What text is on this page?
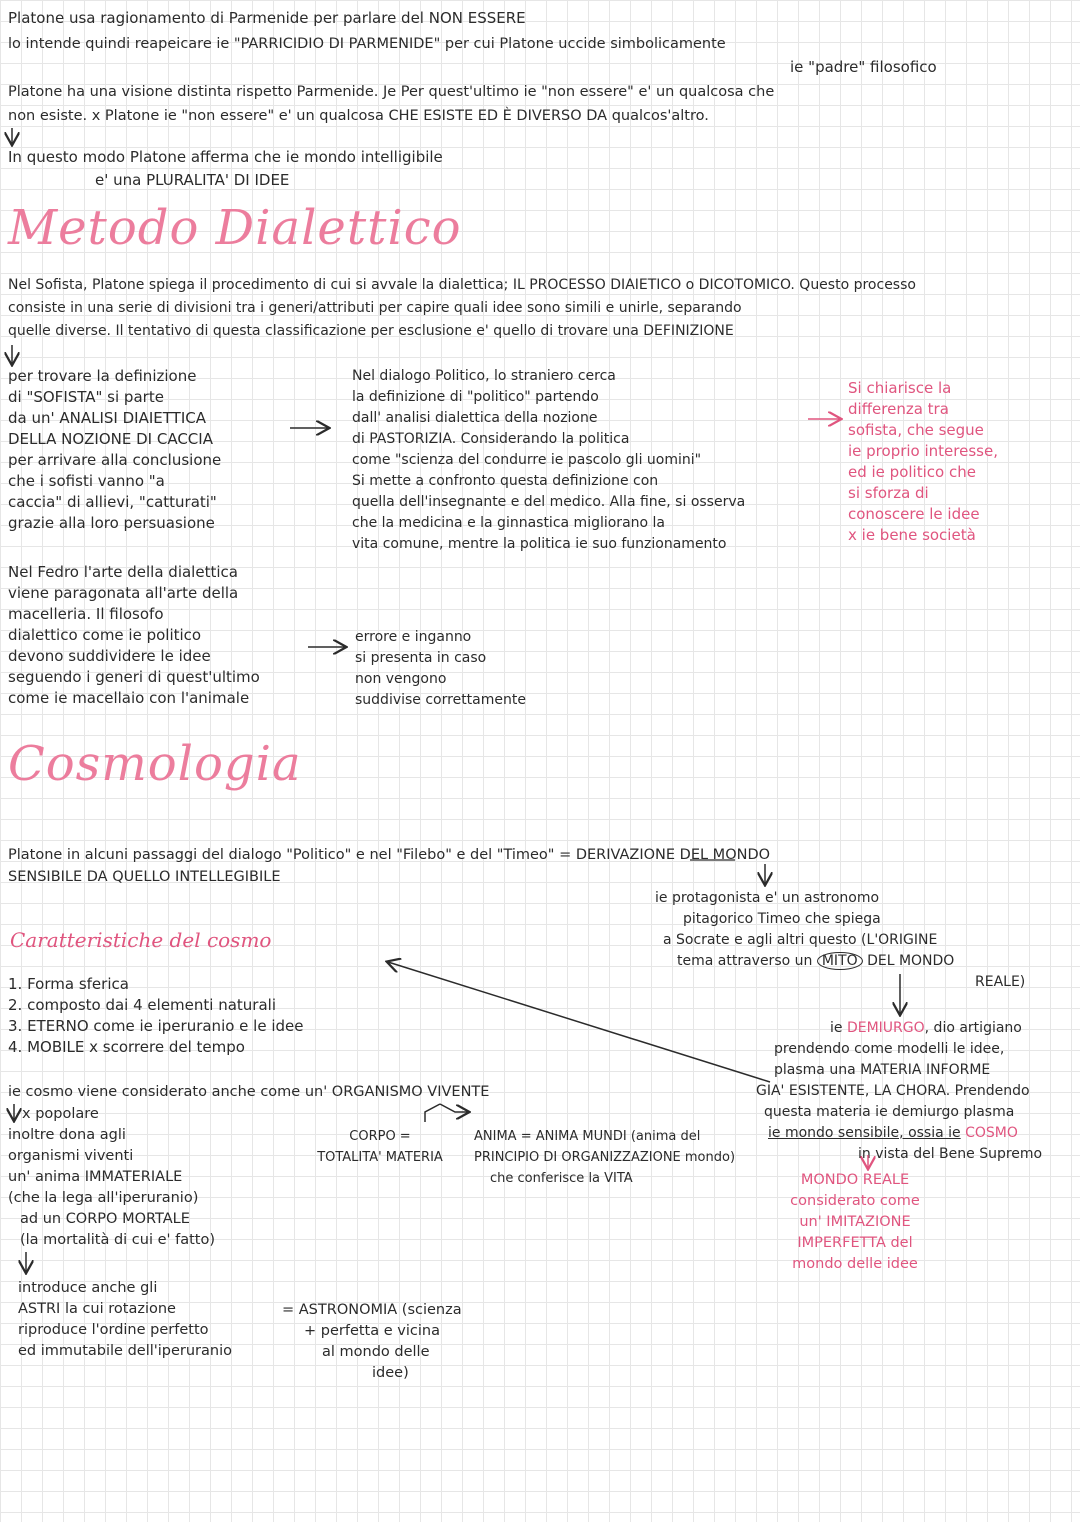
Platone usa ragionamento di Parmenide per parlare del NON ESSERE
lo intende quindi reapeicare ie "PARRICIDIO DI PARMENIDE" per cui Platone uccide simbolicamente
ie "padre" filosofico
Platone ha una visione distinta rispetto Parmenide. Je Per quest'ultimo ie "non essere" e' un qualcosa che
non esiste. x Platone ie "non essere" e' un qualcosa CHE ESISTE ED È DIVERSO DA qualcos'altro.
In questo modo Platone afferma che ie mondo intelligibile
e' una PLURALITA' DI IDEE
Metodo Dialettico
Nel Sofista, Platone spiega il procedimento di cui si avvale la dialettica; IL PROCESSO DIAIETICO o DICOTOMICO. Questo processo
consiste in una serie di divisioni tra i generi/attributi per capire quali idee sono simili e unirle, separando
quelle diverse. Il tentativo di questa classificazione per esclusione e' quello di trovare una DEFINIZIONE
per trovare la definizione
di "SOFISTA" si parte
da un' ANALISI DIAIETTICA
DELLA NOZIONE DI CACCIA
per arrivare alla conclusione
che i sofisti vanno "a
caccia" di allievi, "catturati"
grazie alla loro persuasione
Nel dialogo Politico, lo straniero cerca
la definizione di "politico" partendo
dall' analisi dialettica della nozione
di PASTORIZIA. Considerando la politica
come "scienza del condurre ie pascolo gli uomini"
Si mette a confronto questa definizione con
quella dell'insegnante e del medico. Alla fine, si osserva
che la medicina e la ginnastica migliorano la
vita comune, mentre la politica ie suo funzionamento
Si chiarisce la
differenza tra
sofista, che segue
ie proprio interesse,
ed ie politico che
si sforza di
conoscere le idee
x ie bene società
Nel Fedro l'arte della dialettica
viene paragonata all'arte della
macelleria. Il filosofo
dialettico come ie politico
devono suddividere le idee
seguendo i generi di quest'ultimo
come ie macellaio con l'animale
errore e inganno
si presenta in caso
non vengono
suddivise correttamente
Cosmologia
Platone in alcuni passaggi del dialogo "Politico" e nel "Filebo" e del "Timeo" = DERIVAZIONE DEL MONDO
SENSIBILE DA QUELLO INTELLEGIBILE
ie protagonista e' un astronomo
pitagorico Timeo che spiega
a Socrate e agli altri questo (L'ORIGINE
tema attraverso un MITO DEL MONDO
REALE)
Caratteristiche del cosmo
1. Forma sferica
2. composto dai 4 elementi naturali
3. ETERNO come ie iperuranio e le idee
4. MOBILE x scorrere del tempo
ie DEMIURGO, dio artigiano
prendendo come modelli le idee,
plasma una MATERIA INFORME
GIA' ESISTENTE, LA CHORA. Prendendo
questa materia ie demiurgo plasma
ie mondo sensibile, ossia ie COSMO
in vista del Bene Supremo
MONDO REALE
considerato come
un' IMITAZIONE
IMPERFETTA del
mondo delle idee
ie cosmo viene considerato anche come un' ORGANISMO VIVENTE
x popolare
inoltre dona agli
organismi viventi
un' anima IMMATERIALE
(che la lega all'iperuranio)
ad un CORPO MORTALE
(la mortalità di cui e' fatto)
CORPO =
TOTALITA' MATERIA
ANIMA = ANIMA MUNDI (anima del
PRINCIPIO DI ORGANIZZAZIONE mondo)
che conferisce la VITA
introduce anche gli
ASTRI la cui rotazione
riproduce l'ordine perfetto
ed immutabile dell'iperuranio
= ASTRONOMIA (scienza
+ perfetta e vicina
al mondo delle
idee)
